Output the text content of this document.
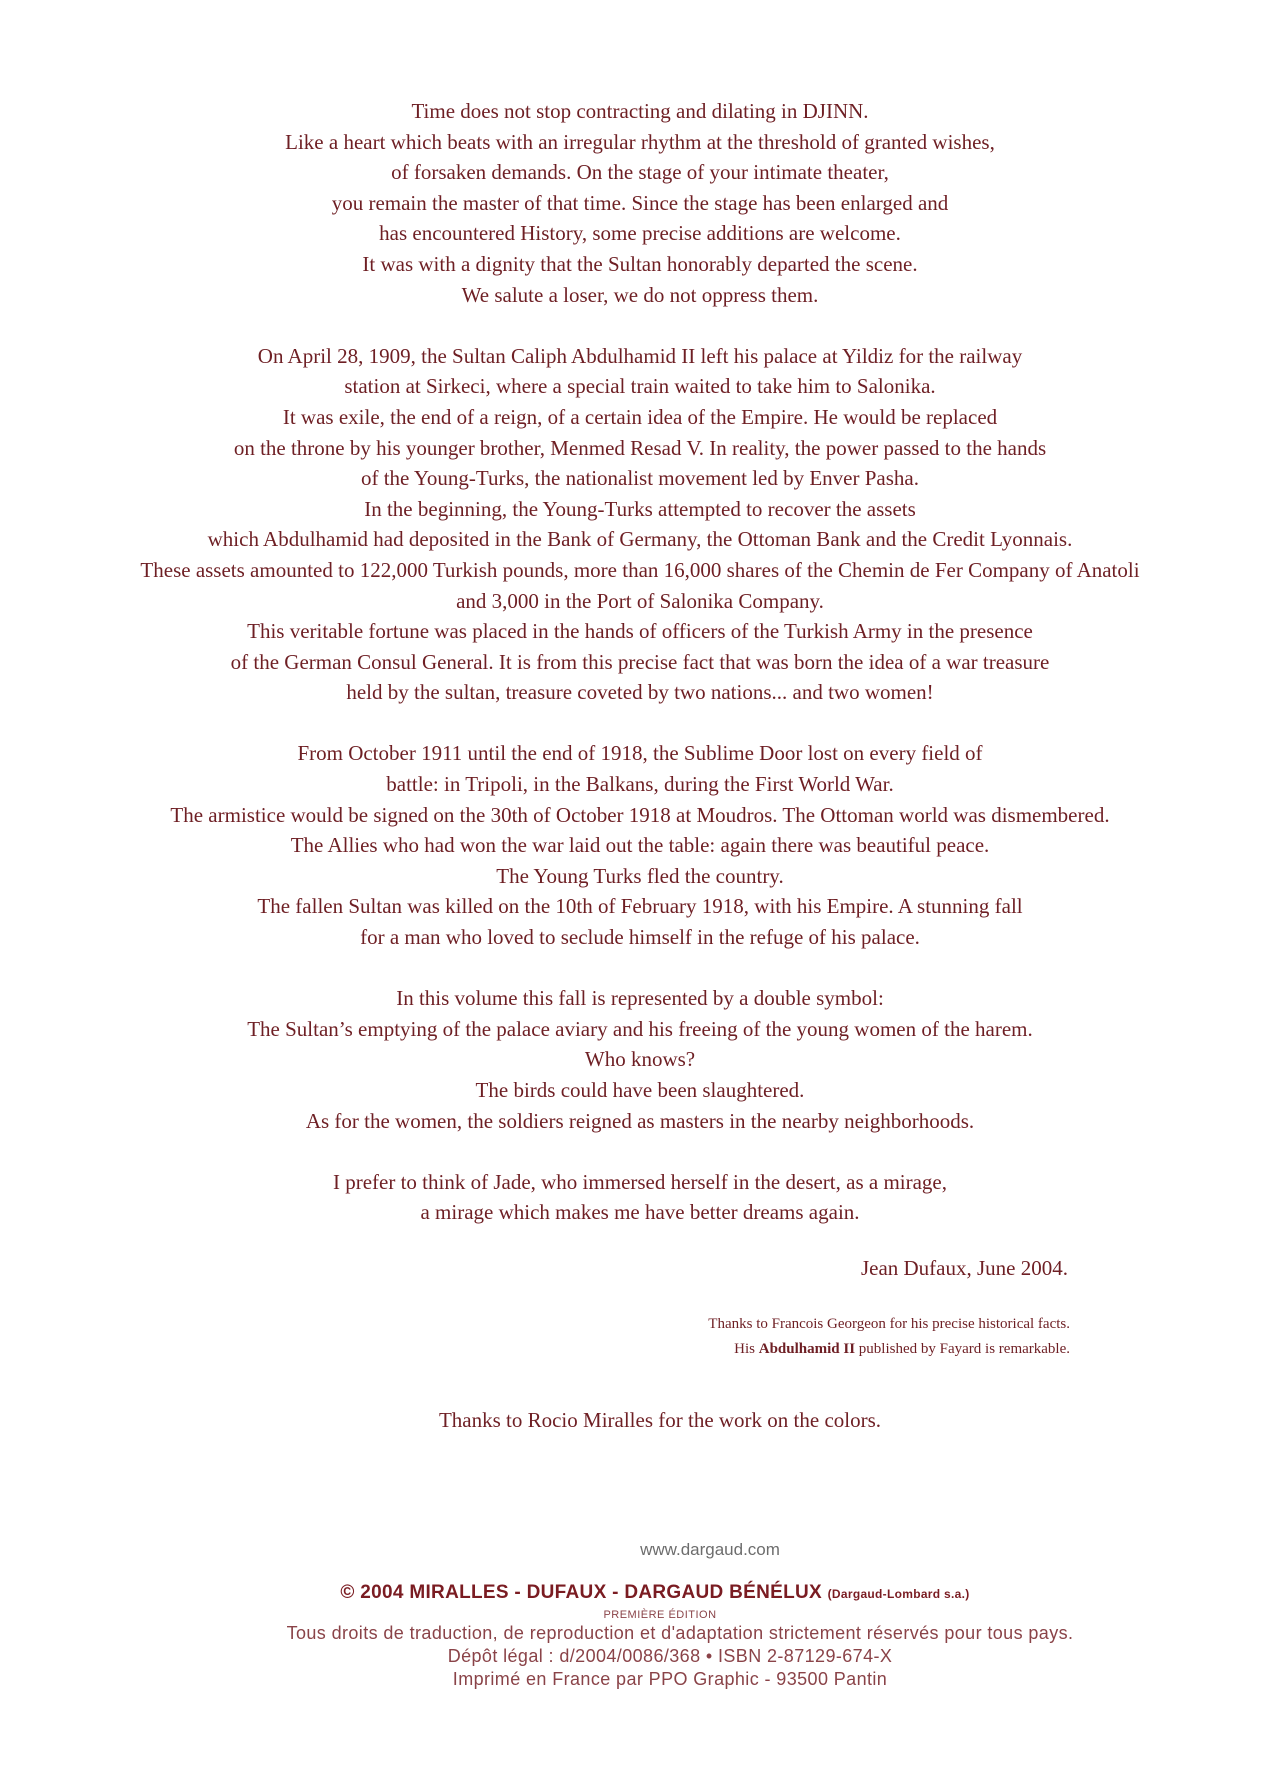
Time does not stop contracting and dilating in DJINN.
Like a heart which beats with an irregular rhythm at the threshold of granted wishes,
of forsaken demands. On the stage of your intimate theater,
you remain the master of that time. Since the stage has been enlarged and
has encountered History, some precise additions are welcome.
It was with a dignity that the Sultan honorably departed the scene.
We salute a loser, we do not oppress them.

On April 28, 1909, the Sultan Caliph Abdulhamid II left his palace at Yildiz for the railway
station at Sirkeci, where a special train waited to take him to Salonika.
It was exile, the end of a reign, of a certain idea of the Empire. He would be replaced
on the throne by his younger brother, Menmed Resad V. In reality, the power passed to the hands
of the Young-Turks, the nationalist movement led by Enver Pasha.
In the beginning, the Young-Turks attempted to recover the assets
which Abdulhamid had deposited in the Bank of Germany, the Ottoman Bank and the Credit Lyonnais.
These assets amounted to 122,000 Turkish pounds, more than 16,000 shares of the Chemin de Fer Company of Anatoli
and 3,000 in the Port of Salonika Company.
This veritable fortune was placed in the hands of officers of the Turkish Army in the presence
of the German Consul General. It is from this precise fact that was born the idea of a war treasure
held by the sultan, treasure coveted by two nations... and two women!

From October 1911 until the end of 1918, the Sublime Door lost on every field of
battle: in Tripoli, in the Balkans, during the First World War.
The armistice would be signed on the 30th of October 1918 at Moudros. The Ottoman world was dismembered.
The Allies who had won the war laid out the table: again there was beautiful peace.
The Young Turks fled the country.
The fallen Sultan was killed on the 10th of February 1918, with his Empire. A stunning fall
for a man who loved to seclude himself in the refuge of his palace.

In this volume this fall is represented by a double symbol:
The Sultan’s emptying of the palace aviary and his freeing of the young women of the harem.
Who knows?
The birds could have been slaughtered.
As for the women, the soldiers reigned as masters in the nearby neighborhoods.

I prefer to think of Jade, who immersed herself in the desert, as a mirage,
a mirage which makes me have better dreams again.

Jean Dufaux, June 2004.
Thanks to Francois Georgeon for his precise historical facts.
His Abdulhamid II published by Fayard is remarkable.
Thanks to Rocio Miralles for the work on the colors.
www.dargaud.com
© 2004 MIRALLES - DUFAUX - DARGAUD BÉNÉLUX (Dargaud-Lombard s.a.)
PREMIÈRE ÉDITION
Tous droits de traduction, de reproduction et d'adaptation strictement réservés pour tous pays.
Dépôt légal : d/2004/0086/368 • ISBN 2-87129-674-X
Imprimé en France par PPO Graphic - 93500 Pantin
